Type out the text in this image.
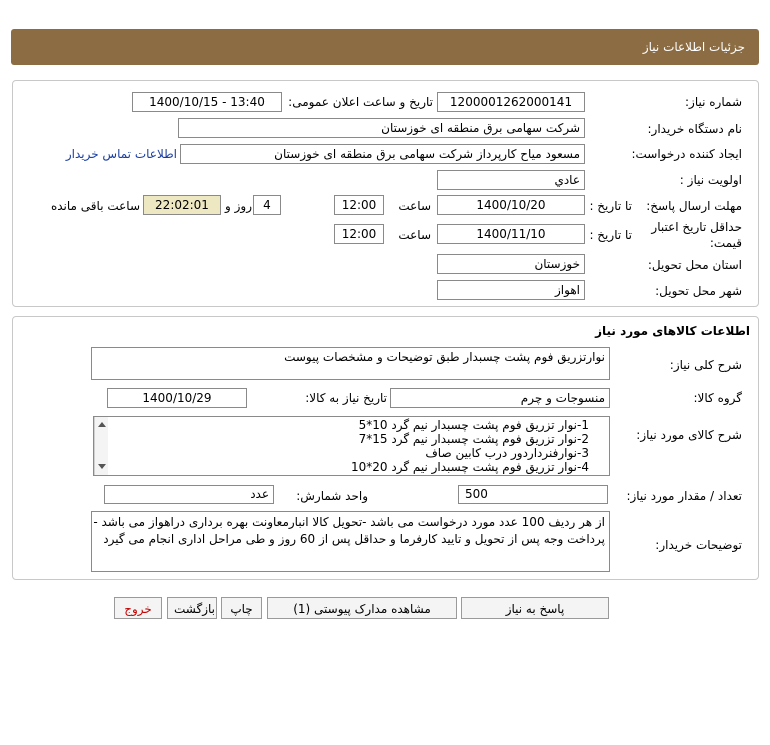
جزئیات اطلاعات نیاز
شماره نیاز:
1200001262000141
تاریخ و ساعت اعلان عمومی:
1400/10/15 - 13:40
نام دستگاه خریدار:
شرکت سهامی برق منطقه ای خوزستان
ایجاد کننده درخواست:
مسعود میاح کارپرداز شرکت سهامی برق منطقه ای خوزستان
اطلاعات تماس خریدار
اولویت نیاز :
عادي
مهلت ارسال پاسخ:
تا تاریخ :
1400/10/20
ساعت
12:00
4
روز و
22:02:01
ساعت باقی مانده
حداقل تاریخ اعتبار
قیمت:
تا تاریخ :
1400/11/10
ساعت
12:00
استان محل تحویل:
خوزستان
شهر محل تحویل:
اهواز
اطلاعات کالاهای مورد نیاز
شرح کلی نیاز:
نوارتزریق فوم پشت چسبدار طبق توضیحات و مشخصات پیوست
گروه کالا:
منسوجات و چرم
تاریخ نیاز به کالا:
1400/10/29
شرح کالای مورد نیاز:
1-نوار تزریق فوم پشت چسبدار نیم گرد 10*5
2-نوار تزریق فوم پشت چسبدار نیم گرد 15*7
3-نوارفنرداردور درب کابین صاف
4-نوار تزریق فوم پشت چسبدار نیم گرد 20*10
تعداد / مقدار مورد نیاز:
500
واحد شمارش:
عدد
توضیحات خریدار:
از هر ردیف 100 عدد مورد درخواست می باشد -تحویل کالا انبارمعاونت بهره برداری دراهواز می باشد -
پرداخت وجه پس از تحویل و تایید کارفرما و حداقل پس از 60 روز و طی مراحل اداری انجام می گیرد
پاسخ به نیاز
مشاهده مدارک پیوستی (1)
چاپ
بازگشت
خروج
